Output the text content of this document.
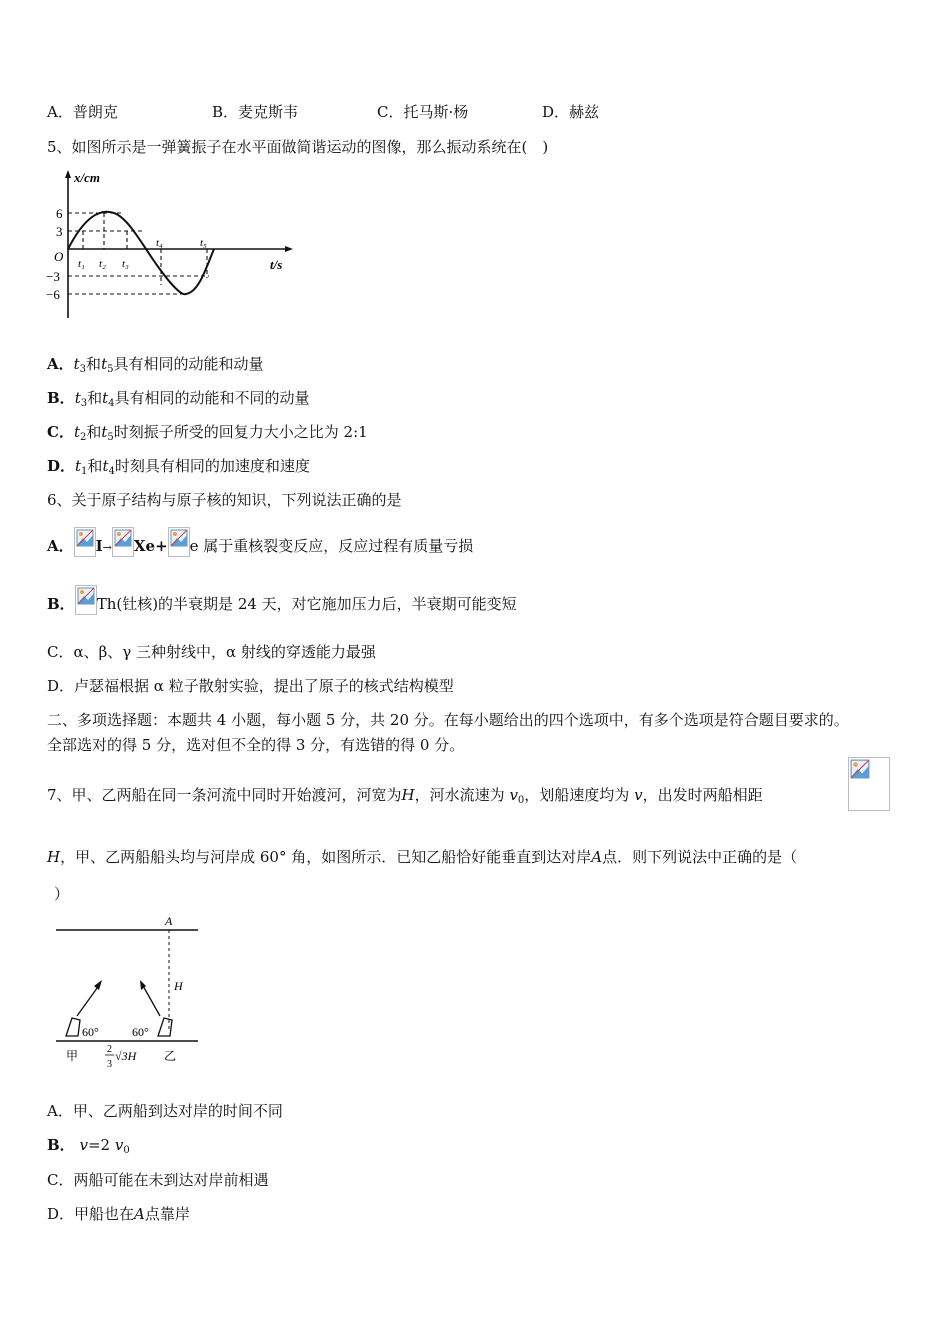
A．普朗克	B．麦克斯韦	C．托马斯·杨	D．赫兹
5、如图所示是一弹簧振子在水平面做简谐运动的图像，那么振动系统在(　)
x/cm
t/s
O
6
3
−3
−6
t₁ t₂ t₃
t₄	t₅
A．$t_3$和$t_5$具有相同的动能和动量
B．$t_3$和$t_4$具有相同的动能和不同的动量
C．$t_2$和$t_5$时刻振子所受的回复力大小之比为 2:1
D．$t_1$和$t_4$时刻具有相同的加速度和速度
6、关于原子结构与原子核的知识，下列说法正确的是
A． I→ Xe+ e 属于重核裂变反应，反应过程有质量亏损
B． Th(钍核)的半衰期是 24 天，对它施加压力后，半衰期可能变短
C．α、β、γ 三种射线中，α 射线的穿透能力最强
D．卢瑟福根据 α 粒子散射实验，提出了原子的核式结构模型
二、多项选择题：本题共 4 小题，每小题 5 分，共 20 分。在每小题给出的四个选项中，有多个选项是符合题目要求的。
全部选对的得 5 分，选对但不全的得 3 分，有选错的得 0 分。
7、甲、乙两船在同一条河流中同时开始渡河，河宽为H，河水流速为 $v_0$，划船速度均为 v，出发时两船相距
H，甲、乙两船船头均与河岸成 60° 角，如图所示．已知乙船恰好能垂直到达对岸A点．则下列说法中正确的是（
）
A
H
60°	60°
甲	乙
2
3
√3H
A．甲、乙两船到达对岸的时间不同
B． v=2 $v_0$
C．两船可能在未到达对岸前相遇
D．甲船也在A点靠岸
